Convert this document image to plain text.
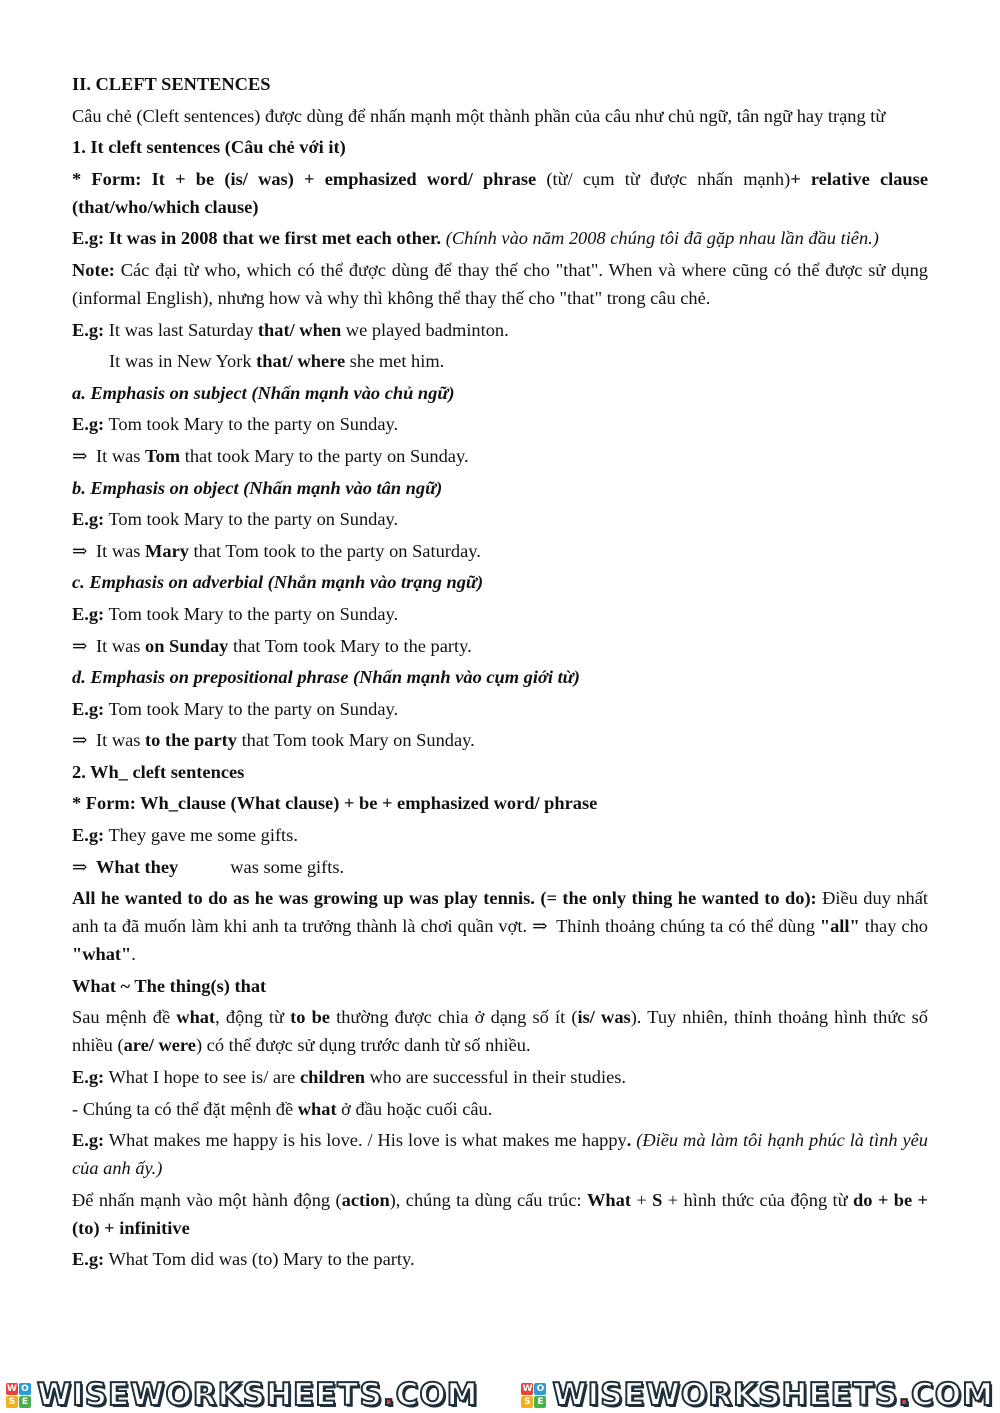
II. CLEFT SENTENCES

Câu chẻ (Cleft sentences) được dùng để nhấn mạnh một thành phần của câu như chủ ngữ, tân ngữ hay trạng từ

1. It cleft sentences (Câu chẻ với it)

* Form: It + be (is/ was) + emphasized word/ phrase (từ/ cụm từ được nhấn mạnh)+ relative clause (that/who/which clause)

E.g: It was in 2008 that we first met each other. (Chính vào năm 2008 chúng tôi đã gặp nhau lần đầu tiên.)

Note: Các đại từ who, which có thể được dùng để thay thế cho "that". When và where cũng có thể được sử dụng (informal English), nhưng how và why thì không thể thay thế cho "that" trong câu chẻ.

E.g: It was last Saturday that/ when we played badminton.

It was in New York that/ where she met him.

a. Emphasis on subject (Nhấn mạnh vào chủ ngữ)

E.g: Tom took Mary to the party on Sunday.

⇒ It was Tom that took Mary to the party on Sunday.

b. Emphasis on object (Nhấn mạnh vào tân ngữ)

E.g: Tom took Mary to the party on Sunday.

⇒ It was Mary that Tom took to the party on Saturday.

c. Emphasis on adverbial (Nhắn mạnh vào trạng ngữ)

E.g: Tom took Mary to the party on Sunday.

⇒ It was on Sunday that Tom took Mary to the party.

d. Emphasis on prepositional phrase (Nhấn mạnh vào cụm giới từ)

E.g: Tom took Mary to the party on Sunday.

⇒ It was to the party that Tom took Mary on Sunday.

2. Wh_ cleft sentences

* Form: Wh_clause (What clause) + be + emphasized word/ phrase

E.g: They gave me some gifts.

⇒ What they	was some gifts.

All he wanted to do as he was growing up was play tennis. (= the only thing he wanted to do): Điều duy nhất anh ta đã muốn làm khi anh ta trưởng thành là chơi quần vợt. ⇒ Thỉnh thoảng chúng ta có thể dùng "all" thay cho "what".

What ~ The thing(s) that

Sau mệnh đề what, động từ to be thường được chia ở dạng số ít (is/ was). Tuy nhiên, thỉnh thoảng hình thức số nhiều (are/ were) có thể được sử dụng trước danh từ số nhiều.

E.g: What I hope to see is/ are children who are successful in their studies.

- Chúng ta có thể đặt mệnh đề what ở đầu hoặc cuối câu.

E.g: What makes me happy is his love. / His love is what makes me happy. (Điều mà làm tôi hạnh phúc là tình yêu của anh ấy.)

Để nhấn mạnh vào một hành động (action), chúng ta dùng cấu trúc: What + S + hình thức của động từ do + be + (to) + infinitive

E.g: What Tom did was (to) Mary to the party.

W O
S E WISEWORKSHEETS.COM	W O
S E WISEWORKSHEETS.COM
